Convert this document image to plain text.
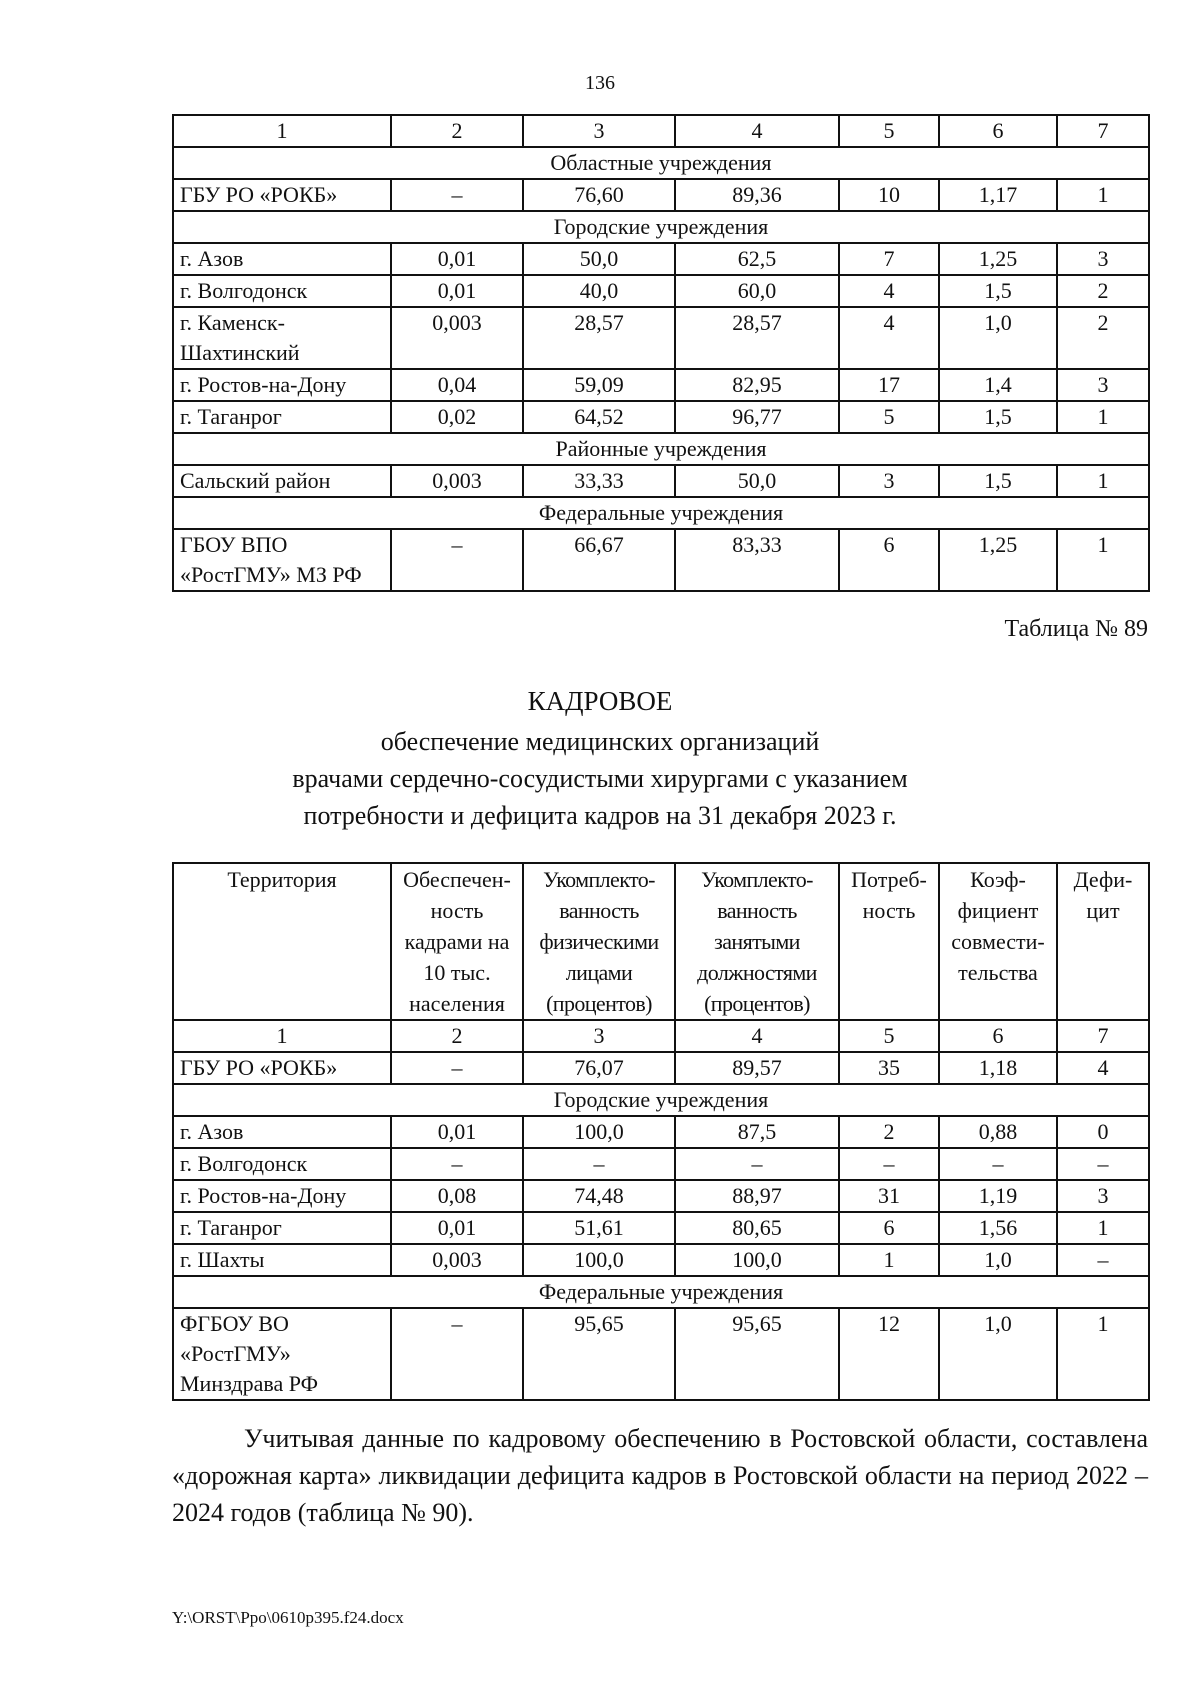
136
1	2	3	4	5	6	7
Областные учреждения						
ГБУ РО «РОКБ»	–	76,60	89,36	10	1,17	1
Городские учреждения						
г. Азов	0,01	50,0	62,5	7	1,25	3
г. Волгодонск	0,01	40,0	60,0	4	1,5	2
г. Каменск-Шахтинский	0,003	28,57	28,57	4	1,0	2
г. Ростов-на-Дону	0,04	59,09	82,95	17	1,4	3
г. Таганрог	0,02	64,52	96,77	5	1,5	1
Районные учреждения						
Сальский район	0,003	33,33	50,0	3	1,5	1
Федеральные учреждения						
ГБОУ ВПО «РостГМУ» МЗ РФ	–	66,67	83,33	6	1,25	1
Таблица № 89
КАДРОВОЕ
обеспечение медицинских организаций
врачами сердечно-сосудистыми хирургами с указанием
потребности и дефицита кадров на 31 декабря 2023 г.
Территория	Обеспечен-ность кадрами на 10 тыс. населения	Укомплекто-ванность физическими лицами (процентов)	Укомплекто-ванность занятыми должностями (процентов)	Потреб-ность	Коэф-фициент совмести-тельства	Дефи-цит
1	2	3	4	5	6	7
ГБУ РО «РОКБ»	–	76,07	89,57	35	1,18	4
Городские учреждения						
г. Азов	0,01	100,0	87,5	2	0,88	0
г. Волгодонск	–	–	–	–	–	–
г. Ростов-на-Дону	0,08	74,48	88,97	31	1,19	3
г. Таганрог	0,01	51,61	80,65	6	1,56	1
г. Шахты	0,003	100,0	100,0	1	1,0	–
Федеральные учреждения						
ФГБОУ ВО «РостГМУ» Минздрава РФ	–	95,65	95,65	12	1,0	1
Учитывая данные по кадровому обеспечению в Ростовской области, составлена «дорожная карта» ликвидации дефицита кадров в Ростовской области на период 2022 – 2024 годов (таблица № 90).
Y:\ORST\Ppo\0610p395.f24.docx
